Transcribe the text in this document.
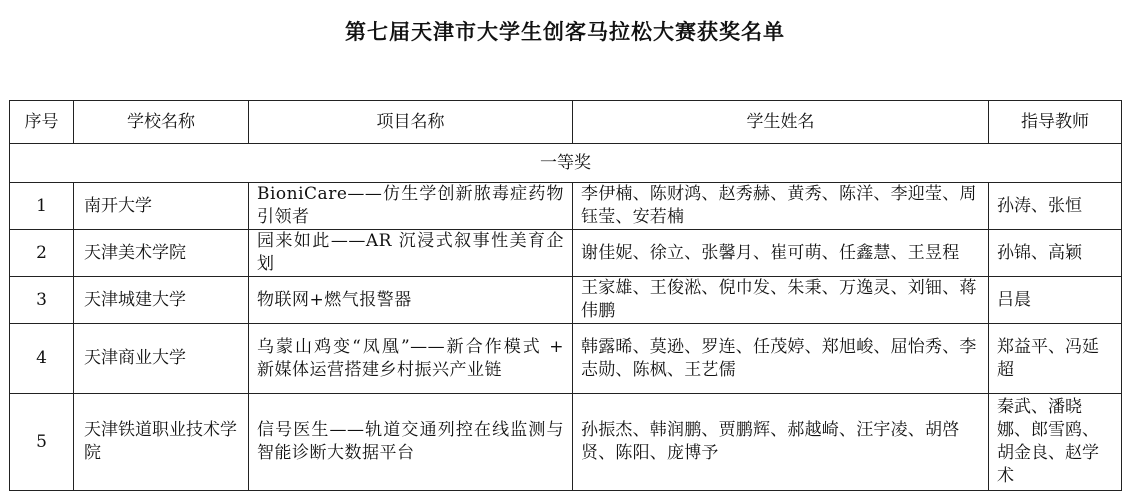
第七届天津市大学生创客马拉松大赛获奖名单
序号	学校名称	项目名称	学生姓名	指导教师
一等奖				
1	南开大学	BioniCare——仿生学创新脓毒症药物引领者	李伊楠、陈财鸿、赵秀赫、黄秀、陈洋、李迎莹、周钰莹、安若楠	孙涛、张恒
2	天津美术学院	园来如此——AR 沉浸式叙事性美育企划	谢佳妮、徐立、张馨月、崔可萌、任鑫慧、王昱程	孙锦、高颖
3	天津城建大学	物联网+燃气报警器	王家雄、王俊淞、倪巾发、朱秉、万逸灵、刘钿、蒋伟鹏	吕晨
4	天津商业大学	乌蒙山鸡变“凤凰”——新合作模式 + 新媒体运营搭建乡村振兴产业链	韩露晞、莫逊、罗连、任茂婷、郑旭峻、屈怡秀、李志勋、陈枫、王艺儒	郑益平、冯延超
5	天津铁道职业技术学院	信号医生——轨道交通列控在线监测与智能诊断大数据平台	孙振杰、韩润鹏、贾鹏辉、郝越崎、汪宇凌、胡啓贤、陈阳、庞博予	秦武、潘晓娜、郎雪鸥、胡金良、赵学术
